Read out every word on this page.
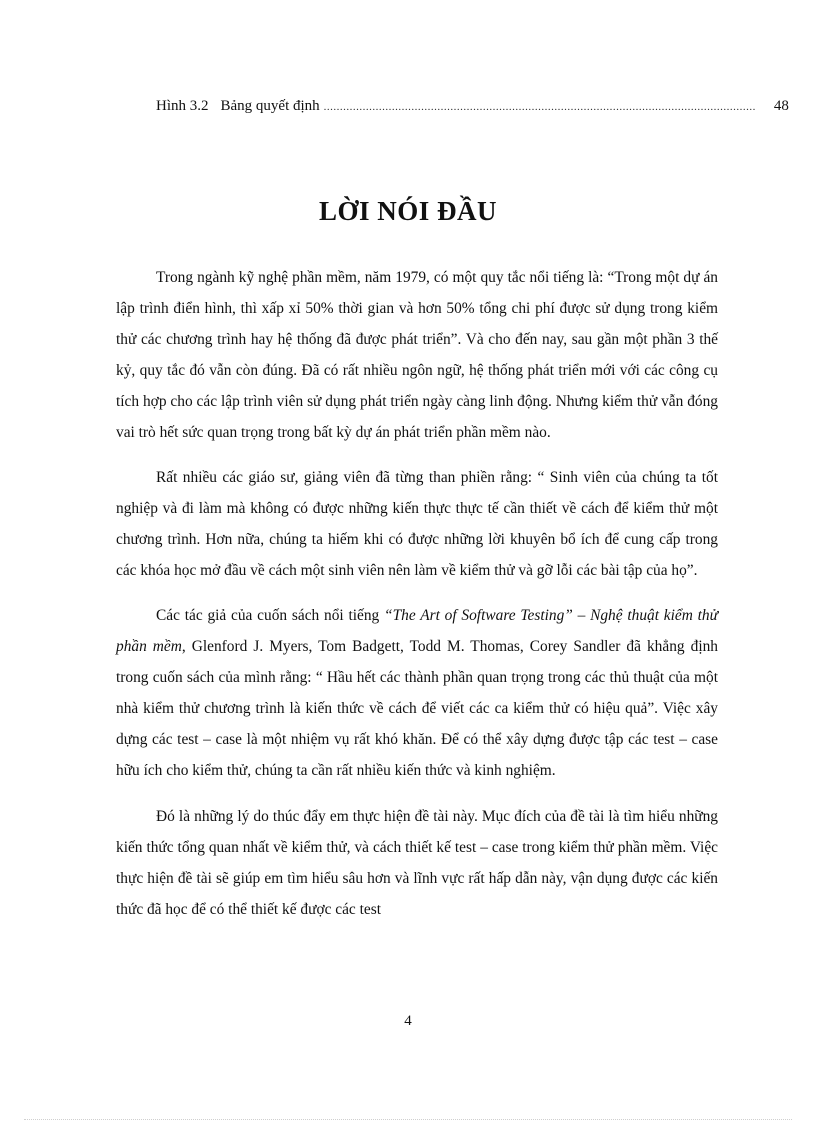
Hình 3.2 Bảng quyết định ..................................................................................................................................... 48
LỜI NÓI ĐẦU

Trong ngành kỹ nghệ phần mềm, năm 1979, có một quy tắc nổi tiếng là: “Trong một dự án lập trình điển hình, thì xấp xỉ 50% thời gian và hơn 50% tổng chi phí được sử dụng trong kiểm thử các chương trình hay hệ thống đã được phát triển”. Và cho đến nay, sau gần một phần 3 thế kỷ, quy tắc đó vẫn còn đúng. Đã có rất nhiều ngôn ngữ, hệ thống phát triển mới với các công cụ tích hợp cho các lập trình viên sử dụng phát triển ngày càng linh động. Nhưng kiểm thử vẫn đóng vai trò hết sức quan trọng trong bất kỳ dự án phát triển phần mềm nào.

Rất nhiều các giáo sư, giảng viên đã từng than phiền rằng: “ Sinh viên của chúng ta tốt nghiệp và đi làm mà không có được những kiến thực thực tế cần thiết về cách để kiểm thử một chương trình. Hơn nữa, chúng ta hiếm khi có được những lời khuyên bổ ích để cung cấp trong các khóa học mở đầu về cách một sinh viên nên làm về kiểm thử và gỡ lỗi các bài tập của họ”.

Các tác giả của cuốn sách nổi tiếng “The Art of Software Testing” – Nghệ thuật kiểm thử phần mềm, Glenford J. Myers, Tom Badgett, Todd M. Thomas, Corey Sandler đã khẳng định trong cuốn sách của mình rằng: “ Hầu hết các thành phần quan trọng trong các thủ thuật của một nhà kiểm thử chương trình là kiến thức về cách để viết các ca kiểm thử có hiệu quả”. Việc xây dựng các test – case là một nhiệm vụ rất khó khăn. Để có thể xây dựng được tập các test – case hữu ích cho kiểm thử, chúng ta cần rất nhiều kiến thức và kinh nghiệm.

Đó là những lý do thúc đẩy em thực hiện đề tài này. Mục đích của đề tài là tìm hiểu những kiến thức tổng quan nhất về kiểm thử, và cách thiết kế test – case trong kiểm thử phần mềm. Việc thực hiện đề tài sẽ giúp em tìm hiểu sâu hơn và lĩnh vực rất hấp dẫn này, vận dụng được các kiến thức đã học để có thể thiết kế được các test

4
